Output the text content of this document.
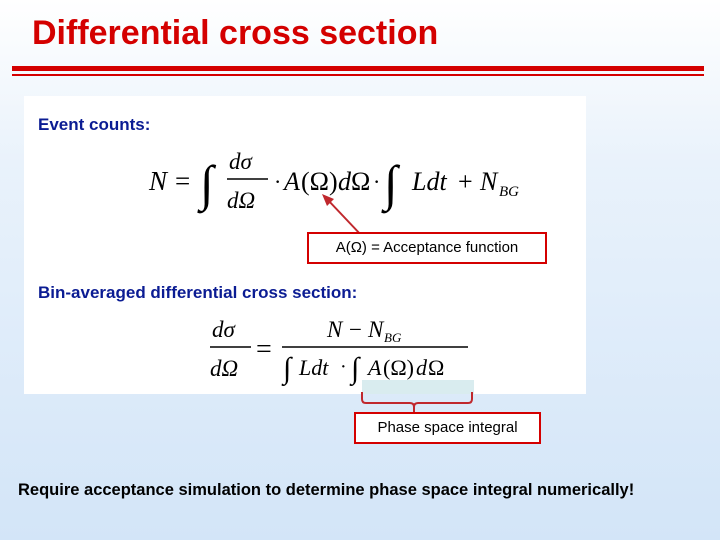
Differential cross section
Event counts:
N = ∫ dσ
dΩ
· A (Ω) d Ω · ∫ Ldt + N BG
Bin-averaged differential cross section:
dσ
dΩ
=
N − N BG
∫ Ldt · ∫ A (Ω) d Ω
A(Ω) = Acceptance function
Phase space integral
Require acceptance simulation to determine phase space integral numerically!
